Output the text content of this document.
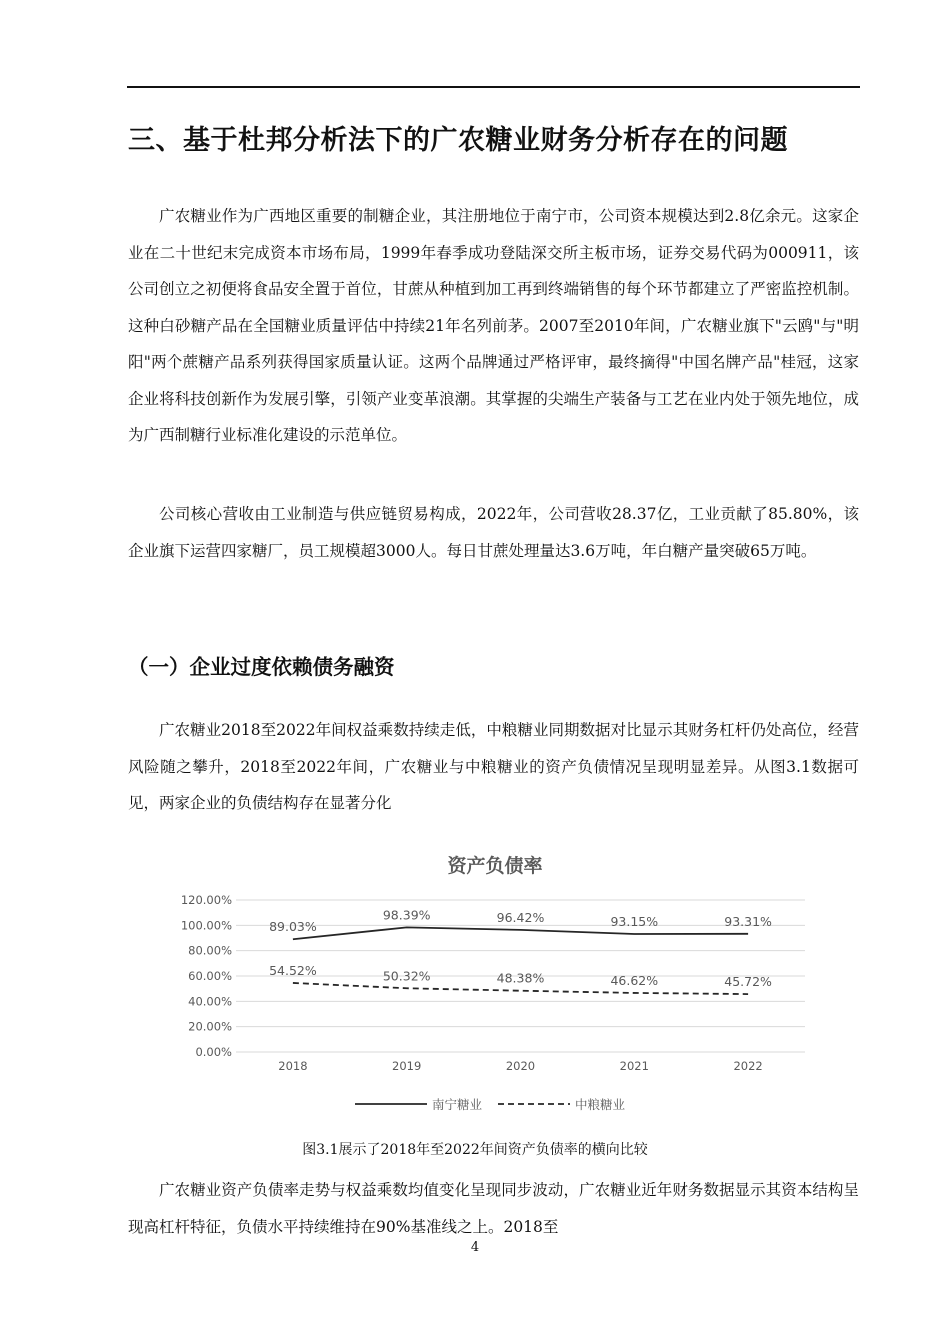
三、基于杜邦分析法下的广农糖业财务分析存在的问题

广农糖业作为广西地区重要的制糖企业，其注册地位于南宁市，公司资本规模达到2.8亿余元。这家企业在二十世纪末完成资本市场布局，1999年春季成功登陆深交所主板市场，证券交易代码为000911，该公司创立之初便将食品安全置于首位，甘蔗从种植到加工再到终端销售的每个环节都建立了严密监控机制。这种白砂糖产品在全国糖业质量评估中持续21年名列前茅。2007至2010年间，广农糖业旗下"云鸥"与"明阳"两个蔗糖产品系列获得国家质量认证。这两个品牌通过严格评审，最终摘得"中国名牌产品"桂冠，这家企业将科技创新作为发展引擎，引领产业变革浪潮。其掌握的尖端生产装备与工艺在业内处于领先地位，成为广西制糖行业标准化建设的示范单位。

公司核心营收由工业制造与供应链贸易构成，2022年，公司营收28.37亿，工业贡献了85.80%，该企业旗下运营四家糖厂，员工规模超3000人。每日甘蔗处理量达3.6万吨，年白糖产量突破65万吨。

（一）企业过度依赖债务融资

广农糖业2018至2022年间权益乘数持续走低，中粮糖业同期数据对比显示其财务杠杆仍处高位，经营风险随之攀升，2018至2022年间，广农糖业与中粮糖业的资产负债情况呈现明显差异。从图3.1数据可见，两家企业的负债结构存在显著分化

资产负债率
0.00%
20.00%
40.00%
60.00%
80.00%
100.00%
120.00%
2018	2019	2020	2021	2022
89.03%
98.39%	96.42%	93.15%	93.31%
54.52%	50.32%	48.38%	46.62%	45.72%
南宁糖业	中粮糖业
图3.1展示了2018年至2022年间资产负债率的横向比较

广农糖业资产负债率走势与权益乘数均值变化呈现同步波动，广农糖业近年财务数据显示其资本结构呈现高杠杆特征，负债水平持续维持在90%基准线之上。2018至

4
